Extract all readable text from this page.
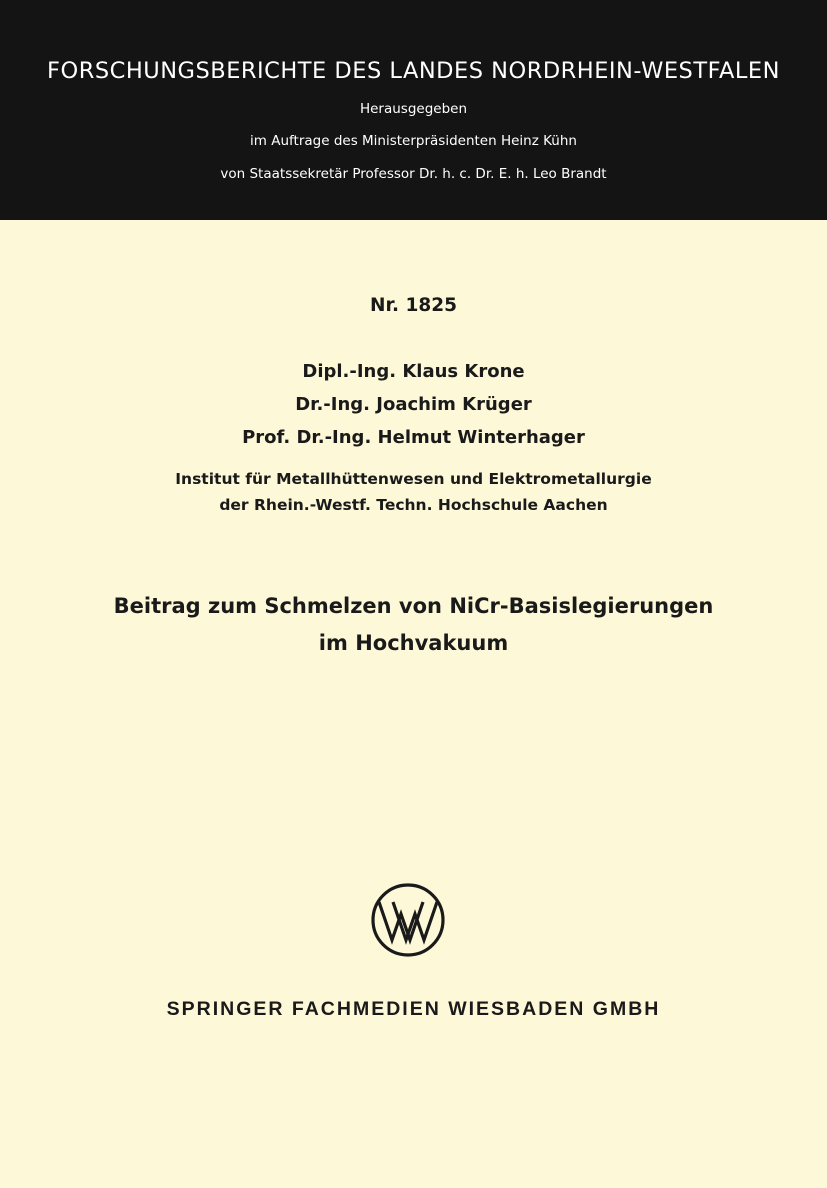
FORSCHUNGSBERICHTE DES LANDES NORDRHEIN-WESTFALEN
Herausgegeben
im Auftrage des Ministerpräsidenten Heinz Kühn
von Staatssekretär Professor Dr. h. c. Dr. E. h. Leo Brandt
Nr. 1825
Dipl.-Ing. Klaus Krone
Dr.-Ing. Joachim Krüger
Prof. Dr.-Ing. Helmut Winterhager
Institut für Metallhüttenwesen und Elektrometallurgie
der Rhein.-Westf. Techn. Hochschule Aachen
Beitrag zum Schmelzen von NiCr-Basislegierungen
im Hochvakuum
SPRINGER FACHMEDIEN WIESBADEN GMBH
